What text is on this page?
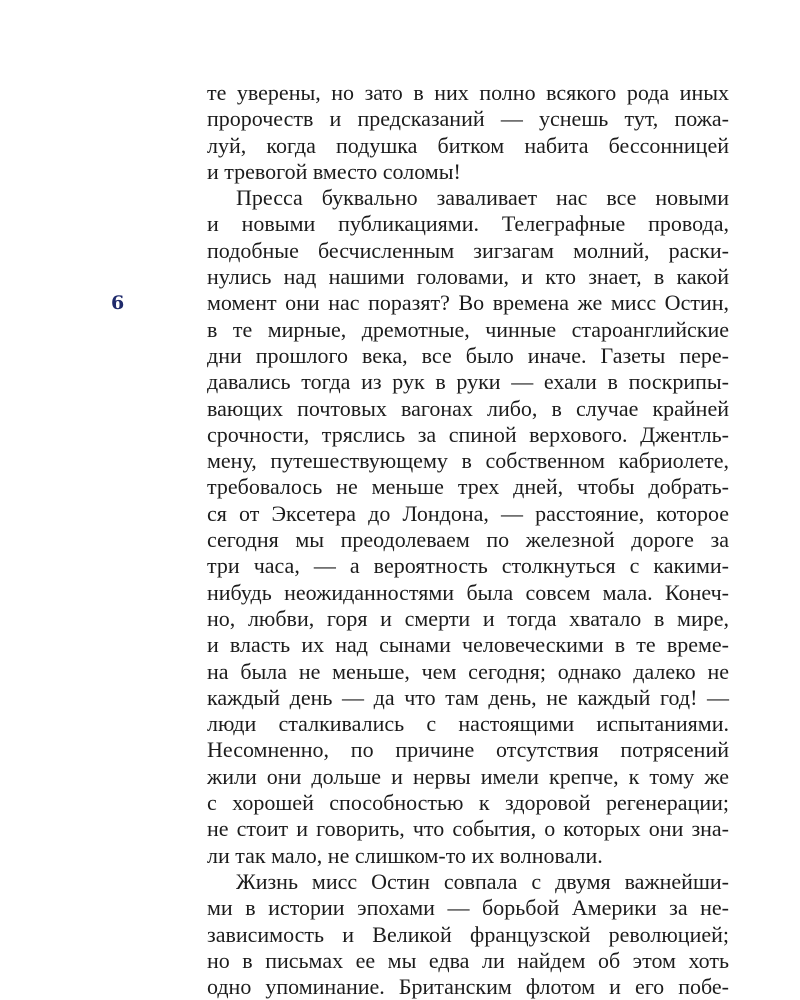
6
те уверены, но зато в них полно всякого рода иных
пророчеств и предсказаний — уснешь тут, пожа-
луй, когда подушка битком набита бессонницей
и тревогой вместо соломы!
Пресса буквально заваливает нас все новыми
и новыми публикациями. Телеграфные провода,
подобные бесчисленным зигзагам молний, раски-
нулись над нашими головами, и кто знает, в какой
момент они нас поразят? Во времена же мисс Остин,
в те мирные, дремотные, чинные староанглийские
дни прошлого века, все было иначе. Газеты пере-
давались тогда из рук в руки — ехали в поскрипы-
вающих почтовых вагонах либо, в случае крайней
срочности, тряслись за спиной верхового. Джентль-
мену, путешествующему в собственном кабриолете,
требовалось не меньше трех дней, чтобы добрать-
ся от Эксетера до Лондона, — расстояние, которое
сегодня мы преодолеваем по железной дороге за
три часа, — а вероятность столкнуться с какими-
нибудь неожиданностями была совсем мала. Конеч-
но, любви, горя и смерти и тогда хватало в мире,
и власть их над сынами человеческими в те време-
на была не меньше, чем сегодня; однако далеко не
каждый день — да что там день, не каждый год! —
люди сталкивались с настоящими испытаниями.
Несомненно, по причине отсутствия потрясений
жили они дольше и нервы имели крепче, к тому же
с хорошей способностью к здоровой регенерации;
не стоит и говорить, что события, о которых они зна-
ли так мало, не слишком-то их волновали.
Жизнь мисс Остин совпала с двумя важнейши-
ми в истории эпохами — борьбой Америки за не-
зависимость и Великой французской революцией;
но в письмах ее мы едва ли найдем об этом хоть
одно упоминание. Британским флотом и его побе-
